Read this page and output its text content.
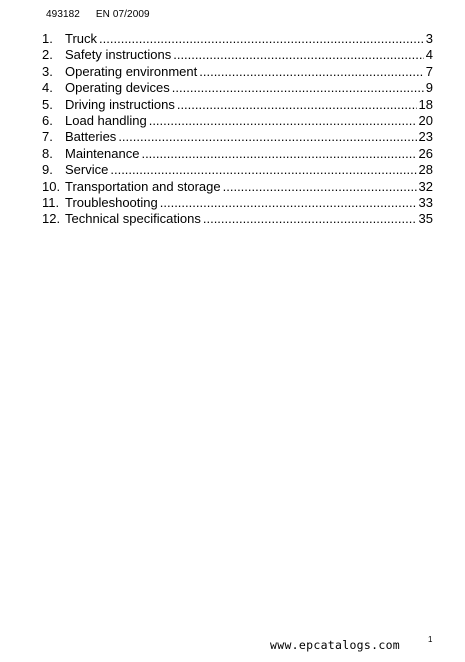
493182 EN 07/2009
1. Truck .....	3
2. Safety instructions .....	4
3. Operating environment .....	7
4. Operating devices .....	9
5. Driving instructions .....	18
6. Load handling .....	20
7. Batteries .....	23
8. Maintenance .....	26
9. Service .....	28
10. Transportation and storage .....	32
11. Troubleshooting .....	33
12. Technical specifications .....	35
www.epcatalogs.com	1
